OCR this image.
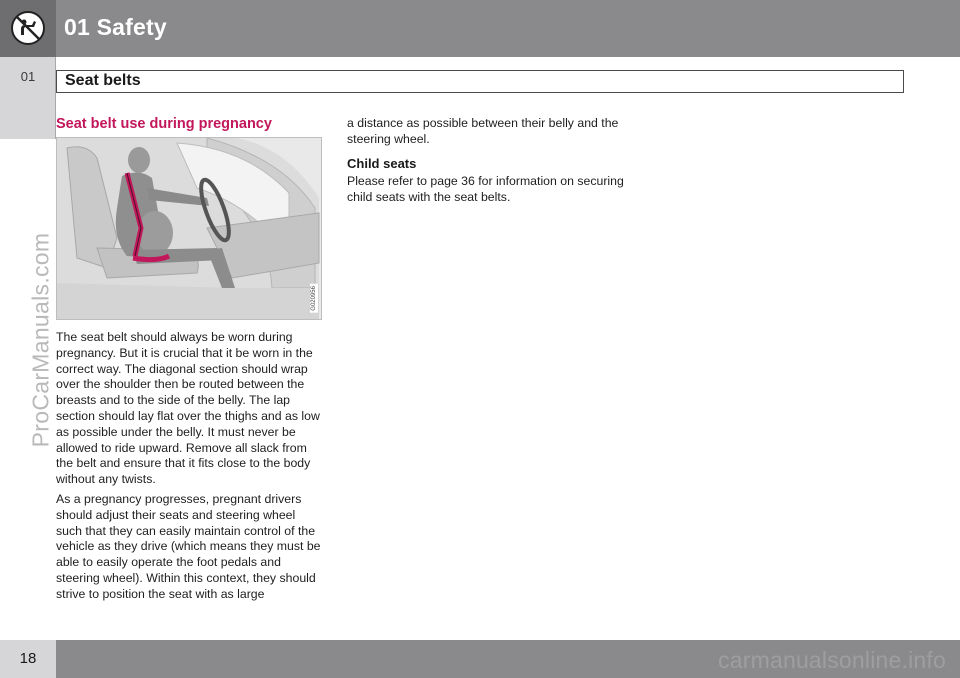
01 Safety
01	Seat belts
ProCarManuals.com
Seat belt use during pregnancy
G020956

The seat belt should always be worn during pregnancy. But it is crucial that it be worn in the correct way. The diagonal section should wrap over the shoulder then be routed between the breasts and to the side of the belly. The lap section should lay flat over the thighs and as low as possible under the belly. It must never be allowed to ride upward. Remove all slack from the belt and ensure that it fits close to the body without any twists.

As a pregnancy progresses, pregnant drivers should adjust their seats and steering wheel such that they can easily maintain control of the vehicle as they drive (which means they must be able to easily operate the foot pedals and steering wheel). Within this context, they should strive to position the seat with as large

a distance as possible between their belly and the steering wheel.

Child seats

Please refer to page 36 for information on securing child seats with the seat belts.

18	carmanualsonline.info
